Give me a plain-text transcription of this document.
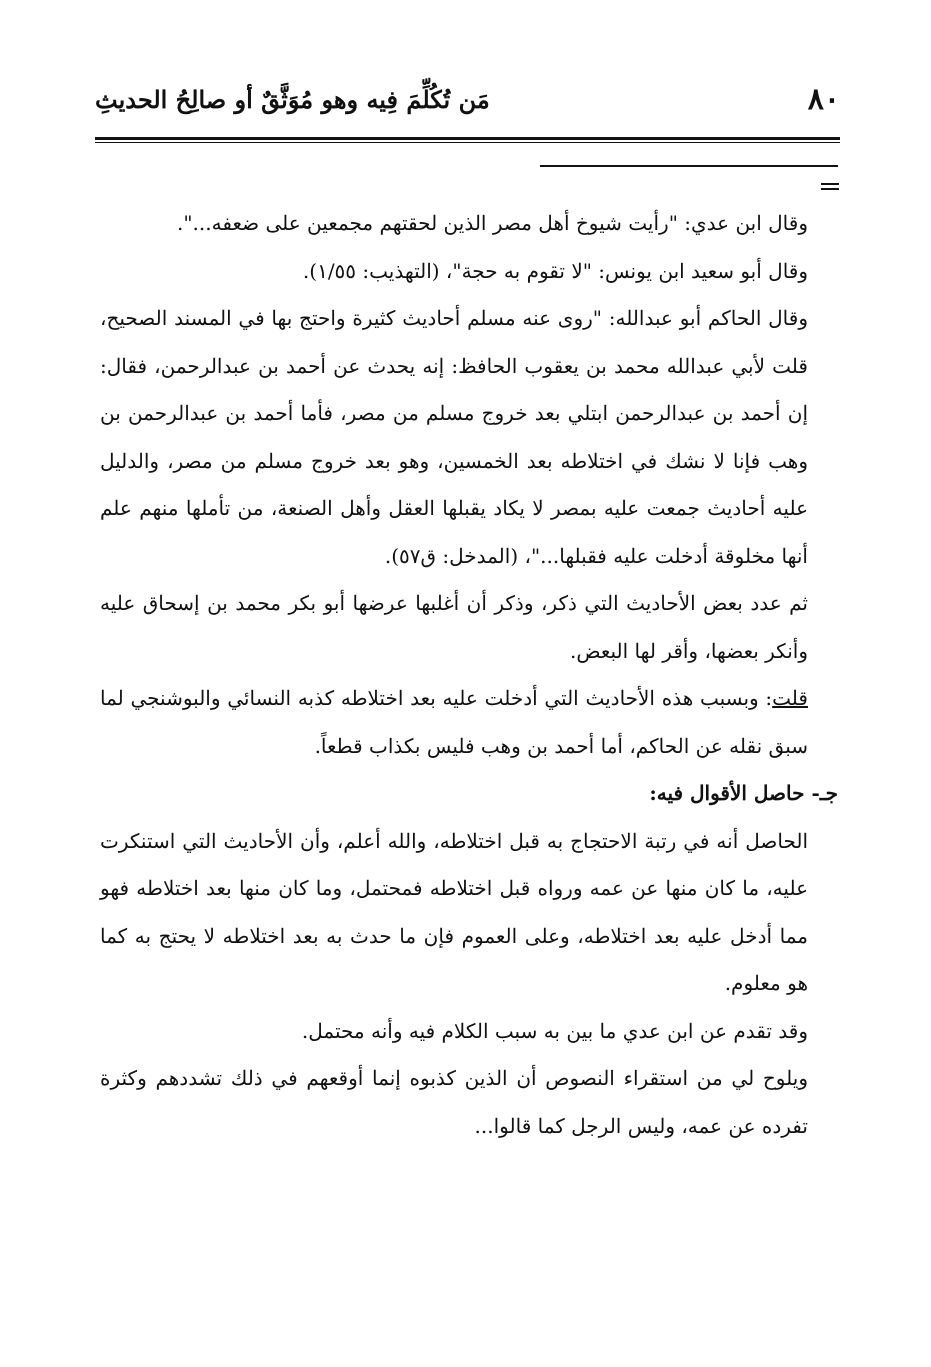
٨٠
مَن تُكُلِّمَ فِيه وهو مُوَثَّقٌ أو صالِحُ الحديثِ

وقال ابن عدي: "رأيت شيوخ أهل مصر الذين لحقتهم مجمعين على ضعفه...".

وقال أبو سعيد ابن يونس: "لا تقوم به حجة"، (التهذيب: ١/٥٥).

وقال الحاكم أبو عبدالله: "روى عنه مسلم أحاديث كثيرة واحتج بها في المسند الصحيح، قلت لأبي عبدالله محمد بن يعقوب الحافظ: إنه يحدث عن أحمد بن عبدالرحمن، فقال: إن أحمد بن عبدالرحمن ابتلي بعد خروج مسلم من مصر، فأما أحمد بن عبدالرحمن بن وهب فإنا لا نشك في اختلاطه بعد الخمسين، وهو بعد خروج مسلم من مصر، والدليل عليه أحاديث جمعت عليه بمصر لا يكاد يقبلها العقل وأهل الصنعة، من تأملها منهم علم أنها مخلوقة أدخلت عليه فقبلها..."، (المدخل: ق٥٧).

ثم عدد بعض الأحاديث التي ذكر، وذكر أن أغلبها عرضها أبو بكر محمد بن إسحاق عليه وأنكر بعضها، وأقر لها البعض.

قلت: وبسبب هذه الأحاديث التي أدخلت عليه بعد اختلاطه كذبه النسائي والبوشنجي لما سبق نقله عن الحاكم، أما أحمد بن وهب فليس بكذاب قطعاً.

جـ- حاصل الأقوال فيه:

الحاصل أنه في رتبة الاحتجاج به قبل اختلاطه، والله أعلم، وأن الأحاديث التي استنكرت عليه، ما كان منها عن عمه ورواه قبل اختلاطه فمحتمل، وما كان منها بعد اختلاطه فهو مما أدخل عليه بعد اختلاطه، وعلى العموم فإن ما حدث به بعد اختلاطه لا يحتج به كما هو معلوم.

وقد تقدم عن ابن عدي ما بين به سبب الكلام فيه وأنه محتمل.

ويلوح لي من استقراء النصوص أن الذين كذبوه إنما أوقعهم في ذلك تشددهم وكثرة تفرده عن عمه، وليس الرجل كما قالوا...
